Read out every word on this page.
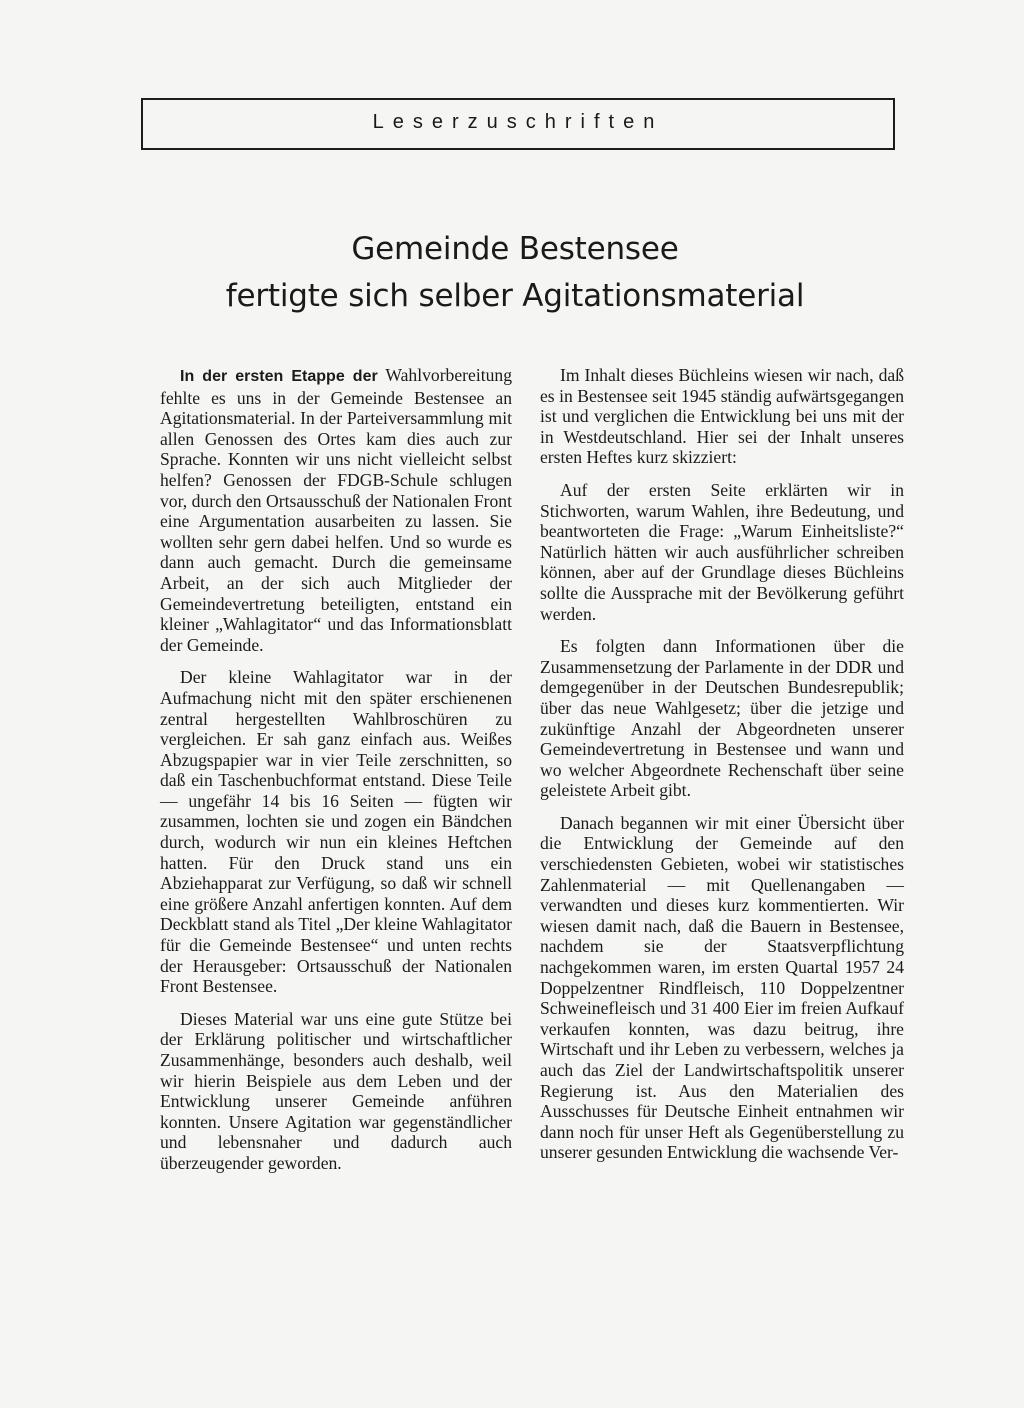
Leserzuschriften
Gemeinde Bestensee
fertigte sich selber Agitationsmaterial

In der ersten Etappe der Wahlvorbereitung fehlte es uns in der Gemeinde Bestensee an Agitationsmaterial. In der Parteiversammlung mit allen Genossen des Ortes kam dies auch zur Sprache. Konnten wir uns nicht vielleicht selbst helfen? Genossen der FDGB-Schule schlugen vor, durch den Ortsausschuß der Nationalen Front eine Argumentation ausarbeiten zu lassen. Sie wollten sehr gern dabei helfen. Und so wurde es dann auch gemacht. Durch die gemeinsame Arbeit, an der sich auch Mitglieder der Gemeindevertretung beteiligten, entstand ein kleiner „Wahlagitator“ und das Informationsblatt der Gemeinde.

Der kleine Wahlagitator war in der Aufmachung nicht mit den später erschienenen zentral hergestellten Wahlbroschüren zu vergleichen. Er sah ganz einfach aus. Weißes Abzugspapier war in vier Teile zerschnitten, so daß ein Taschenbuchformat entstand. Diese Teile — ungefähr 14 bis 16 Seiten — fügten wir zusammen, lochten sie und zogen ein Bändchen durch, wodurch wir nun ein kleines Heftchen hatten. Für den Druck stand uns ein Abziehapparat zur Verfügung, so daß wir schnell eine größere Anzahl anfertigen konnten. Auf dem Deckblatt stand als Titel „Der kleine Wahlagitator für die Gemeinde Bestensee“ und unten rechts der Herausgeber: Ortsausschuß der Nationalen Front Bestensee.

Dieses Material war uns eine gute Stütze bei der Erklärung politischer und wirtschaftlicher Zusammenhänge, besonders auch deshalb, weil wir hierin Beispiele aus dem Leben und der Entwicklung unserer Gemeinde anführen konnten. Unsere Agitation war gegenständlicher und lebensnaher und dadurch auch überzeugender geworden.

Im Inhalt dieses Büchleins wiesen wir nach, daß es in Bestensee seit 1945 ständig aufwärtsgegangen ist und verglichen die Entwicklung bei uns mit der in Westdeutschland. Hier sei der Inhalt unseres ersten Heftes kurz skizziert:

Auf der ersten Seite erklärten wir in Stichworten, warum Wahlen, ihre Bedeutung, und beantworteten die Frage: „Warum Einheitsliste?“ Natürlich hätten wir auch ausführlicher schreiben können, aber auf der Grundlage dieses Büchleins sollte die Aussprache mit der Bevölkerung geführt werden.

Es folgten dann Informationen über die Zusammensetzung der Parlamente in der DDR und demgegenüber in der Deutschen Bundesrepublik; über das neue Wahlgesetz; über die jetzige und zukünftige Anzahl der Abgeordneten unserer Gemeindevertretung in Bestensee und wann und wo welcher Abgeordnete Rechenschaft über seine geleistete Arbeit gibt.

Danach begannen wir mit einer Übersicht über die Entwicklung der Gemeinde auf den verschiedensten Gebieten, wobei wir statistisches Zahlenmaterial — mit Quellenangaben — verwandten und dieses kurz kommentierten. Wir wiesen damit nach, daß die Bauern in Bestensee, nachdem sie der Staatsverpflichtung nachgekommen waren, im ersten Quartal 1957 24 Doppelzentner Rindfleisch, 110 Doppelzentner Schweinefleisch und 31 400 Eier im freien Aufkauf verkaufen konnten, was dazu beitrug, ihre Wirtschaft und ihr Leben zu verbessern, welches ja auch das Ziel der Landwirtschaftspolitik unserer Regierung ist. Aus den Materialien des Ausschusses für Deutsche Einheit entnahmen wir dann noch für unser Heft als Gegenüberstellung zu unserer gesunden Entwicklung die wachsende Ver-
